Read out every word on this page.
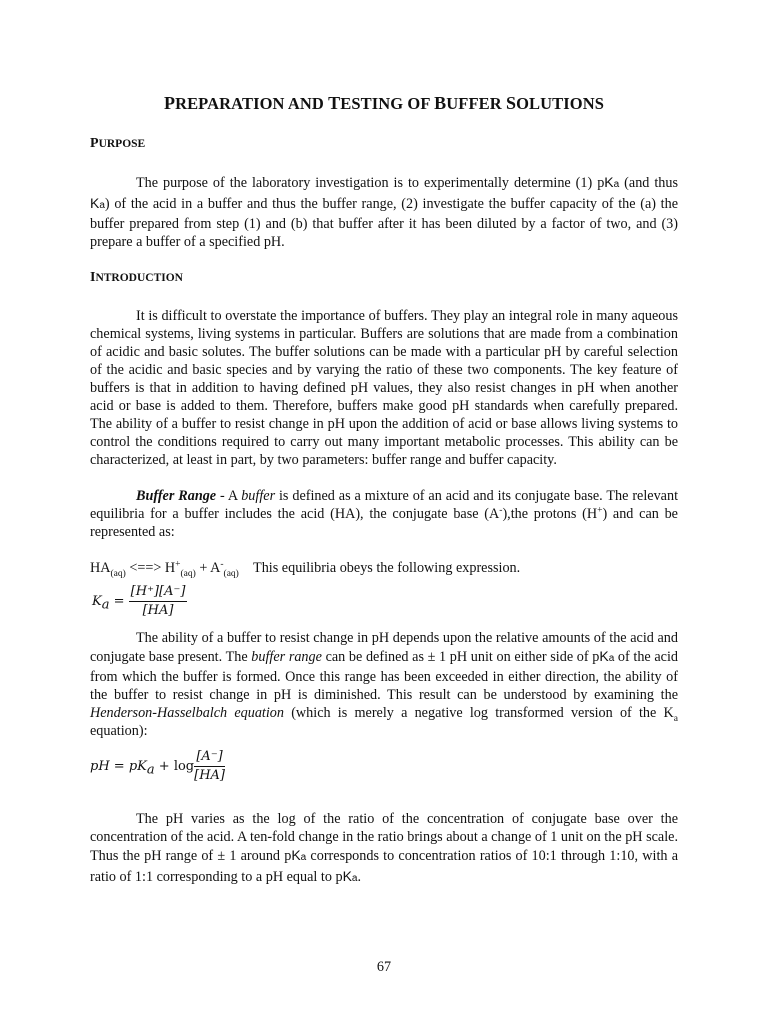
PREPARATION AND TESTING OF BUFFER SOLUTIONS
PURPOSE

The purpose of the laboratory investigation is to experimentally determine (1) pKa (and thus Ka) of the acid in a buffer and thus the buffer range, (2) investigate the buffer capacity of the (a) the buffer prepared from step (1) and (b) that buffer after it has been diluted by a factor of two, and (3) prepare a buffer of a specified pH.

INTRODUCTION

It is difficult to overstate the importance of buffers. They play an integral role in many aqueous chemical systems, living systems in particular. Buffers are solutions that are made from a combination of acidic and basic solutes. The buffer solutions can be made with a particular pH by careful selection of the acidic and basic species and by varying the ratio of these two components. The key feature of buffers is that in addition to having defined pH values, they also resist changes in pH when another acid or base is added to them. Therefore, buffers make good pH standards when carefully prepared. The ability of a buffer to resist change in pH upon the addition of acid or base allows living systems to control the conditions required to carry out many important metabolic processes. This ability can be characterized, at least in part, by two parameters: buffer range and buffer capacity.

Buffer Range - A buffer is defined as a mixture of an acid and its conjugate base. The relevant equilibria for a buffer includes the acid (HA), the conjugate base (A-),the protons (H+) and can be represented as:

$HA_{(aq)}$ <==> $H^+_{(aq)} + A^-_{(aq)}$ This equilibria obeys the following expression.

$K_a = \frac{[H^+][A^-]}{[HA]}$

The ability of a buffer to resist change in pH depends upon the relative amounts of the acid and conjugate base present. The buffer range can be defined as ± 1 pH unit on either side of pKa of the acid from which the buffer is formed. Once this range has been exceeded in either direction, the ability of the buffer to resist change in pH is diminished. This result can be understood by examining the Henderson-Hasselbalch equation (which is merely a negative log transformed version of the $K_a$ equation):

pH = $pK_a + \log \frac{[A^-]}{[HA]}$

The pH varies as the log of the ratio of the concentration of conjugate base over the concentration of the acid. A ten-fold change in the ratio brings about a change of 1 unit on the pH scale. Thus the pH range of ± 1 around pKa corresponds to concentration ratios of 10:1 through 1:10, with a ratio of 1:1 corresponding to a pH equal to pKa.

67
